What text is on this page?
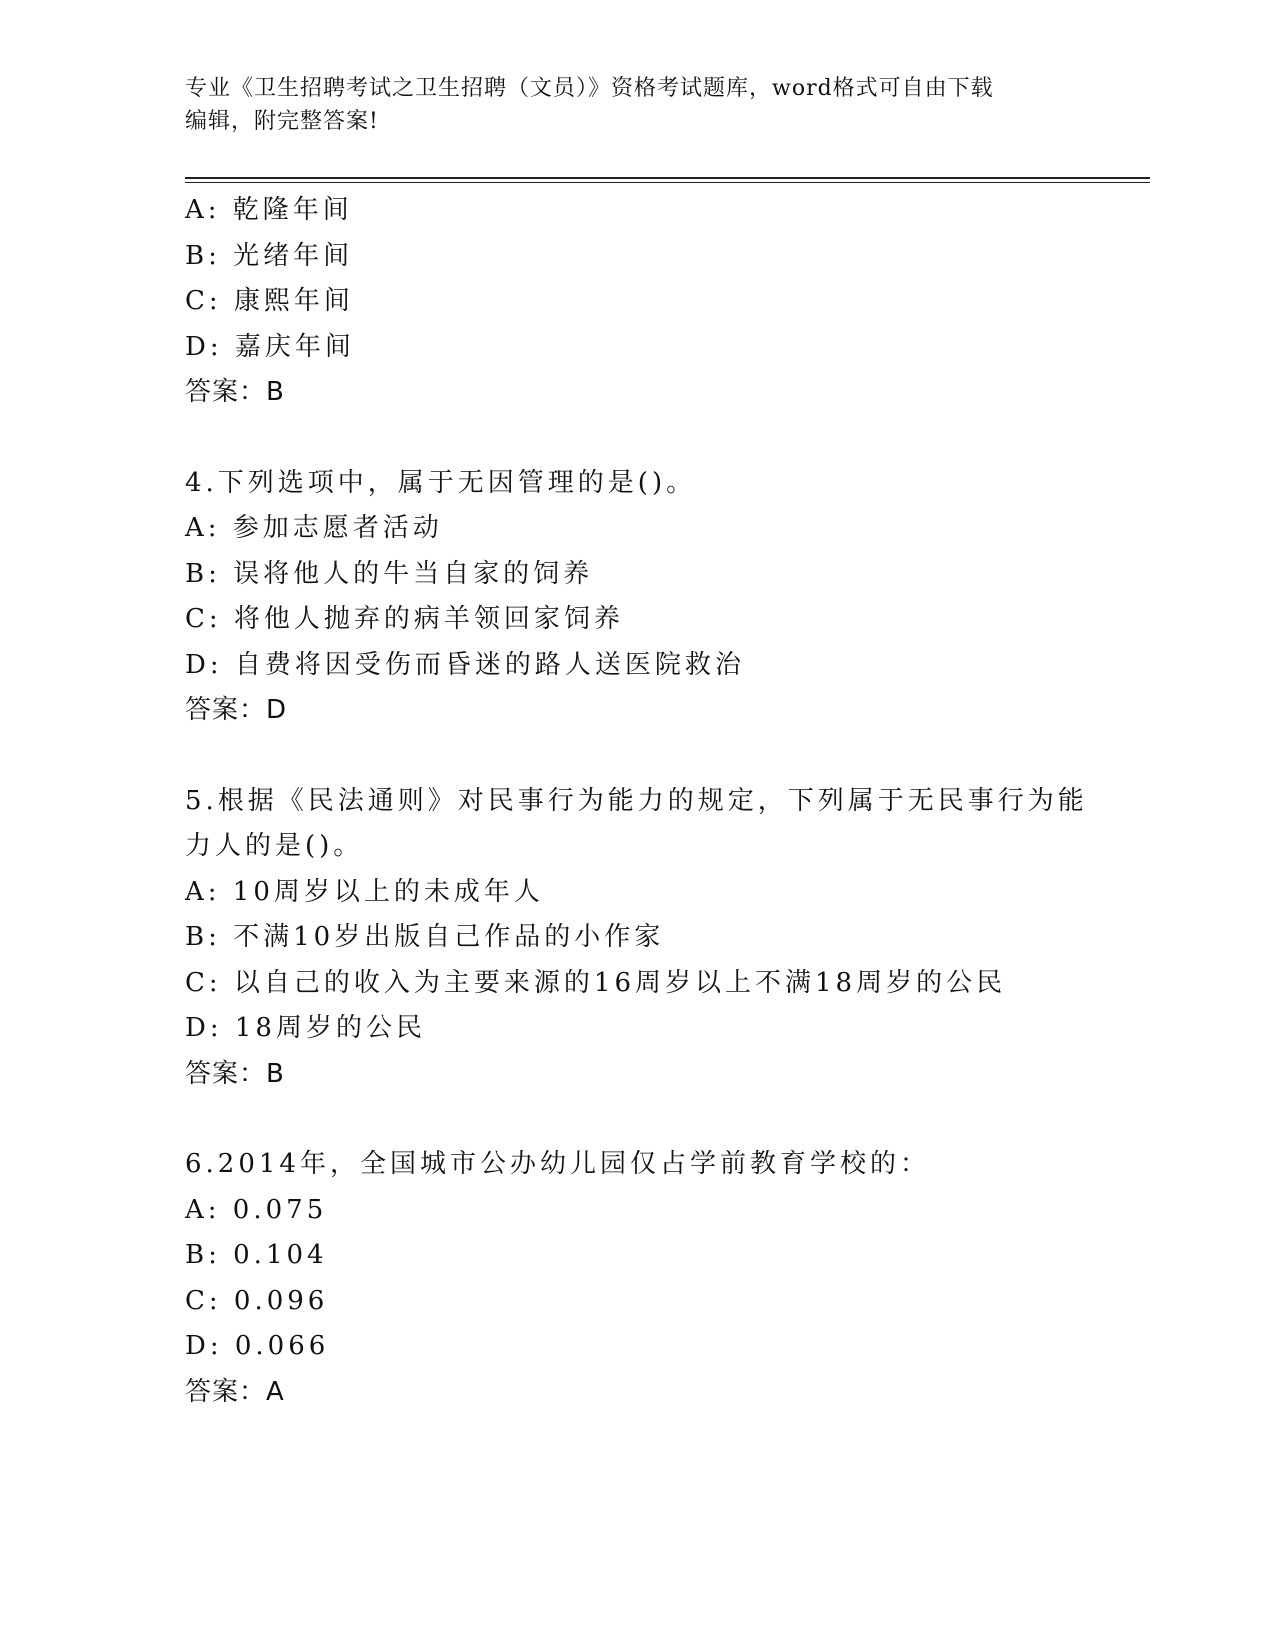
专业《卫生招聘考试之卫生招聘（文员）》资格考试题库，word格式可自由下载
编辑，附完整答案!
A: 乾隆年间
B: 光绪年间
C: 康熙年间
D: 嘉庆年间
答案：B
4.下列选项中，属于无因管理的是()。
A: 参加志愿者活动
B: 误将他人的牛当自家的饲养
C: 将他人抛弃的病羊领回家饲养
D: 自费将因受伤而昏迷的路人送医院救治
答案：D
5.根据《民法通则》对民事行为能力的规定，下列属于无民事行为能
力人的是()。
A: 10周岁以上的未成年人
B: 不满10岁出版自己作品的小作家
C: 以自己的收入为主要来源的16周岁以上不满18周岁的公民
D: 18周岁的公民
答案：B
6.2014年，全国城市公办幼儿园仅占学前教育学校的：
A: 0.075
B: 0.104
C: 0.096
D: 0.066
答案：A
